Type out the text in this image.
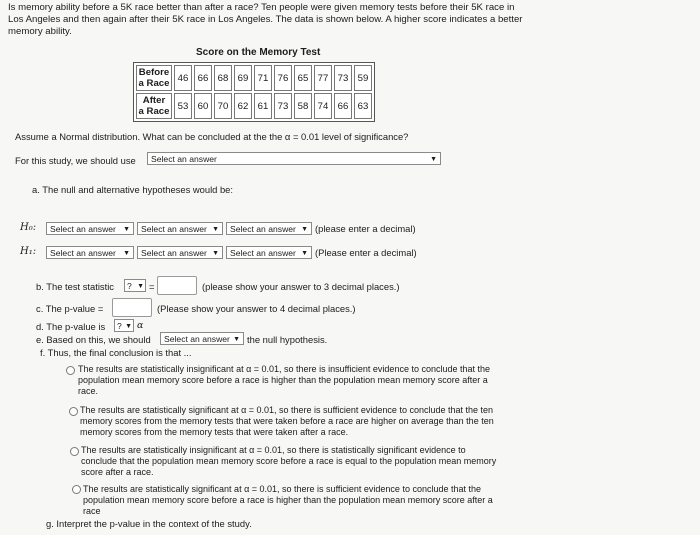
Is memory ability before a 5K race better than after a race? Ten people were given memory tests before their 5K race in Los Angeles and then again after their 5K race in Los Angeles. The data is shown below. A higher score indicates a better memory ability.
Score on the Memory Test
Before
a Race	46	66	68	69	71	76	65	77	73	59
After
a Race	53	60	70	62	61	73	58	74	66	63
Assume a Normal distribution. What can be concluded at the the α = 0.01 level of significance?
For this study, we should use	Select an answer	▼
a. The null and alternative hypotheses would be:
H₀:	Select an answer ▼	Select an answer ▼	Select an answer ▼ (please enter a decimal)
H₁:	Select an answer ▼	Select an answer ▼	Select an answer ▼ (Please enter a decimal)
b. The test statistic	? ▼ =	(please show your answer to 3 decimal places.)
c. The p-value =	(Please show your answer to 4 decimal places.)
d. The p-value is	? ▼ α
e. Based on this, we should	Select an answer ▼ the null hypothesis.
f. Thus, the final conclusion is that ...
The results are statistically insignificant at α = 0.01, so there is insufficient evidence to conclude that the population mean memory score before a race is higher than the population mean memory score after a race.
The results are statistically significant at α = 0.01, so there is sufficient evidence to conclude that the ten memory scores from the memory tests that were taken before a race are higher on average than the ten memory scores from the memory tests that were taken after a race.
The results are statistically insignificant at α = 0.01, so there is statistically significant evidence to conclude that the population mean memory score before a race is equal to the population mean memory score after a race.
The results are statistically significant at α = 0.01, so there is sufficient evidence to conclude that the population mean memory score before a race is higher than the population mean memory score after a race
g. Interpret the p-value in the context of the study.
